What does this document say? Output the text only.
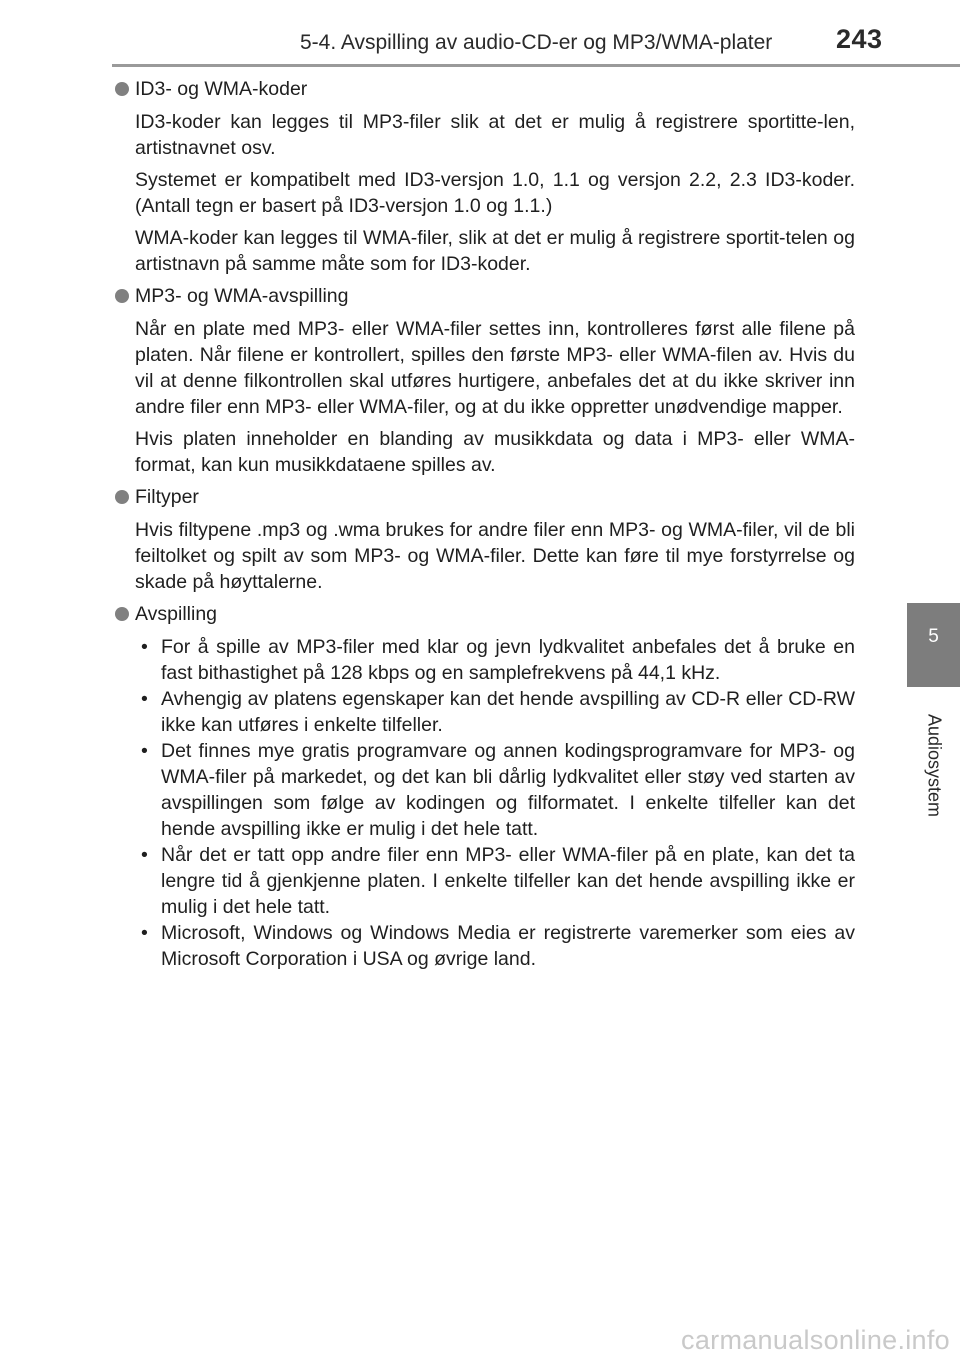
5-4. Avspilling av audio-CD-er og MP3/WMA-plater 243
5
Audiosystem
ID3- og WMA-koder

ID3-koder kan legges til MP3-filer slik at det er mulig å registrere sportitte-len, artistnavnet osv.

Systemet er kompatibelt med ID3-versjon 1.0, 1.1 og versjon 2.2, 2.3 ID3-koder. (Antall tegn er basert på ID3-versjon 1.0 og 1.1.)

WMA-koder kan legges til WMA-filer, slik at det er mulig å registrere sportit-telen og artistnavn på samme måte som for ID3-koder.

MP3- og WMA-avspilling

Når en plate med MP3- eller WMA-filer settes inn, kontrolleres først alle filene på platen. Når filene er kontrollert, spilles den første MP3- eller WMA-filen av. Hvis du vil at denne filkontrollen skal utføres hurtigere, anbefales det at du ikke skriver inn andre filer enn MP3- eller WMA-filer, og at du ikke oppretter unødvendige mapper.

Hvis platen inneholder en blanding av musikkdata og data i MP3- eller WMA-format, kan kun musikkdataene spilles av.

Filtyper

Hvis filtypene .mp3 og .wma brukes for andre filer enn MP3- og WMA-filer, vil de bli feiltolket og spilt av som MP3- og WMA-filer. Dette kan føre til mye forstyrrelse og skade på høyttalerne.

Avspilling
• For å spille av MP3-filer med klar og jevn lydkvalitet anbefales det å bruke en fast bithastighet på 128 kbps og en samplefrekvens på 44,1 kHz.
• Avhengig av platens egenskaper kan det hende avspilling av CD-R eller CD-RW ikke kan utføres i enkelte tilfeller.
• Det finnes mye gratis programvare og annen kodingsprogramvare for MP3- og WMA-filer på markedet, og det kan bli dårlig lydkvalitet eller støy ved starten av avspillingen som følge av kodingen og filformatet. I enkelte tilfeller kan det hende avspilling ikke er mulig i det hele tatt.
• Når det er tatt opp andre filer enn MP3- eller WMA-filer på en plate, kan det ta lengre tid å gjenkjenne platen. I enkelte tilfeller kan det hende avspilling ikke er mulig i det hele tatt.
• Microsoft, Windows og Windows Media er registrerte varemerker som eies av Microsoft Corporation i USA og øvrige land.
carmanualsonline.info
